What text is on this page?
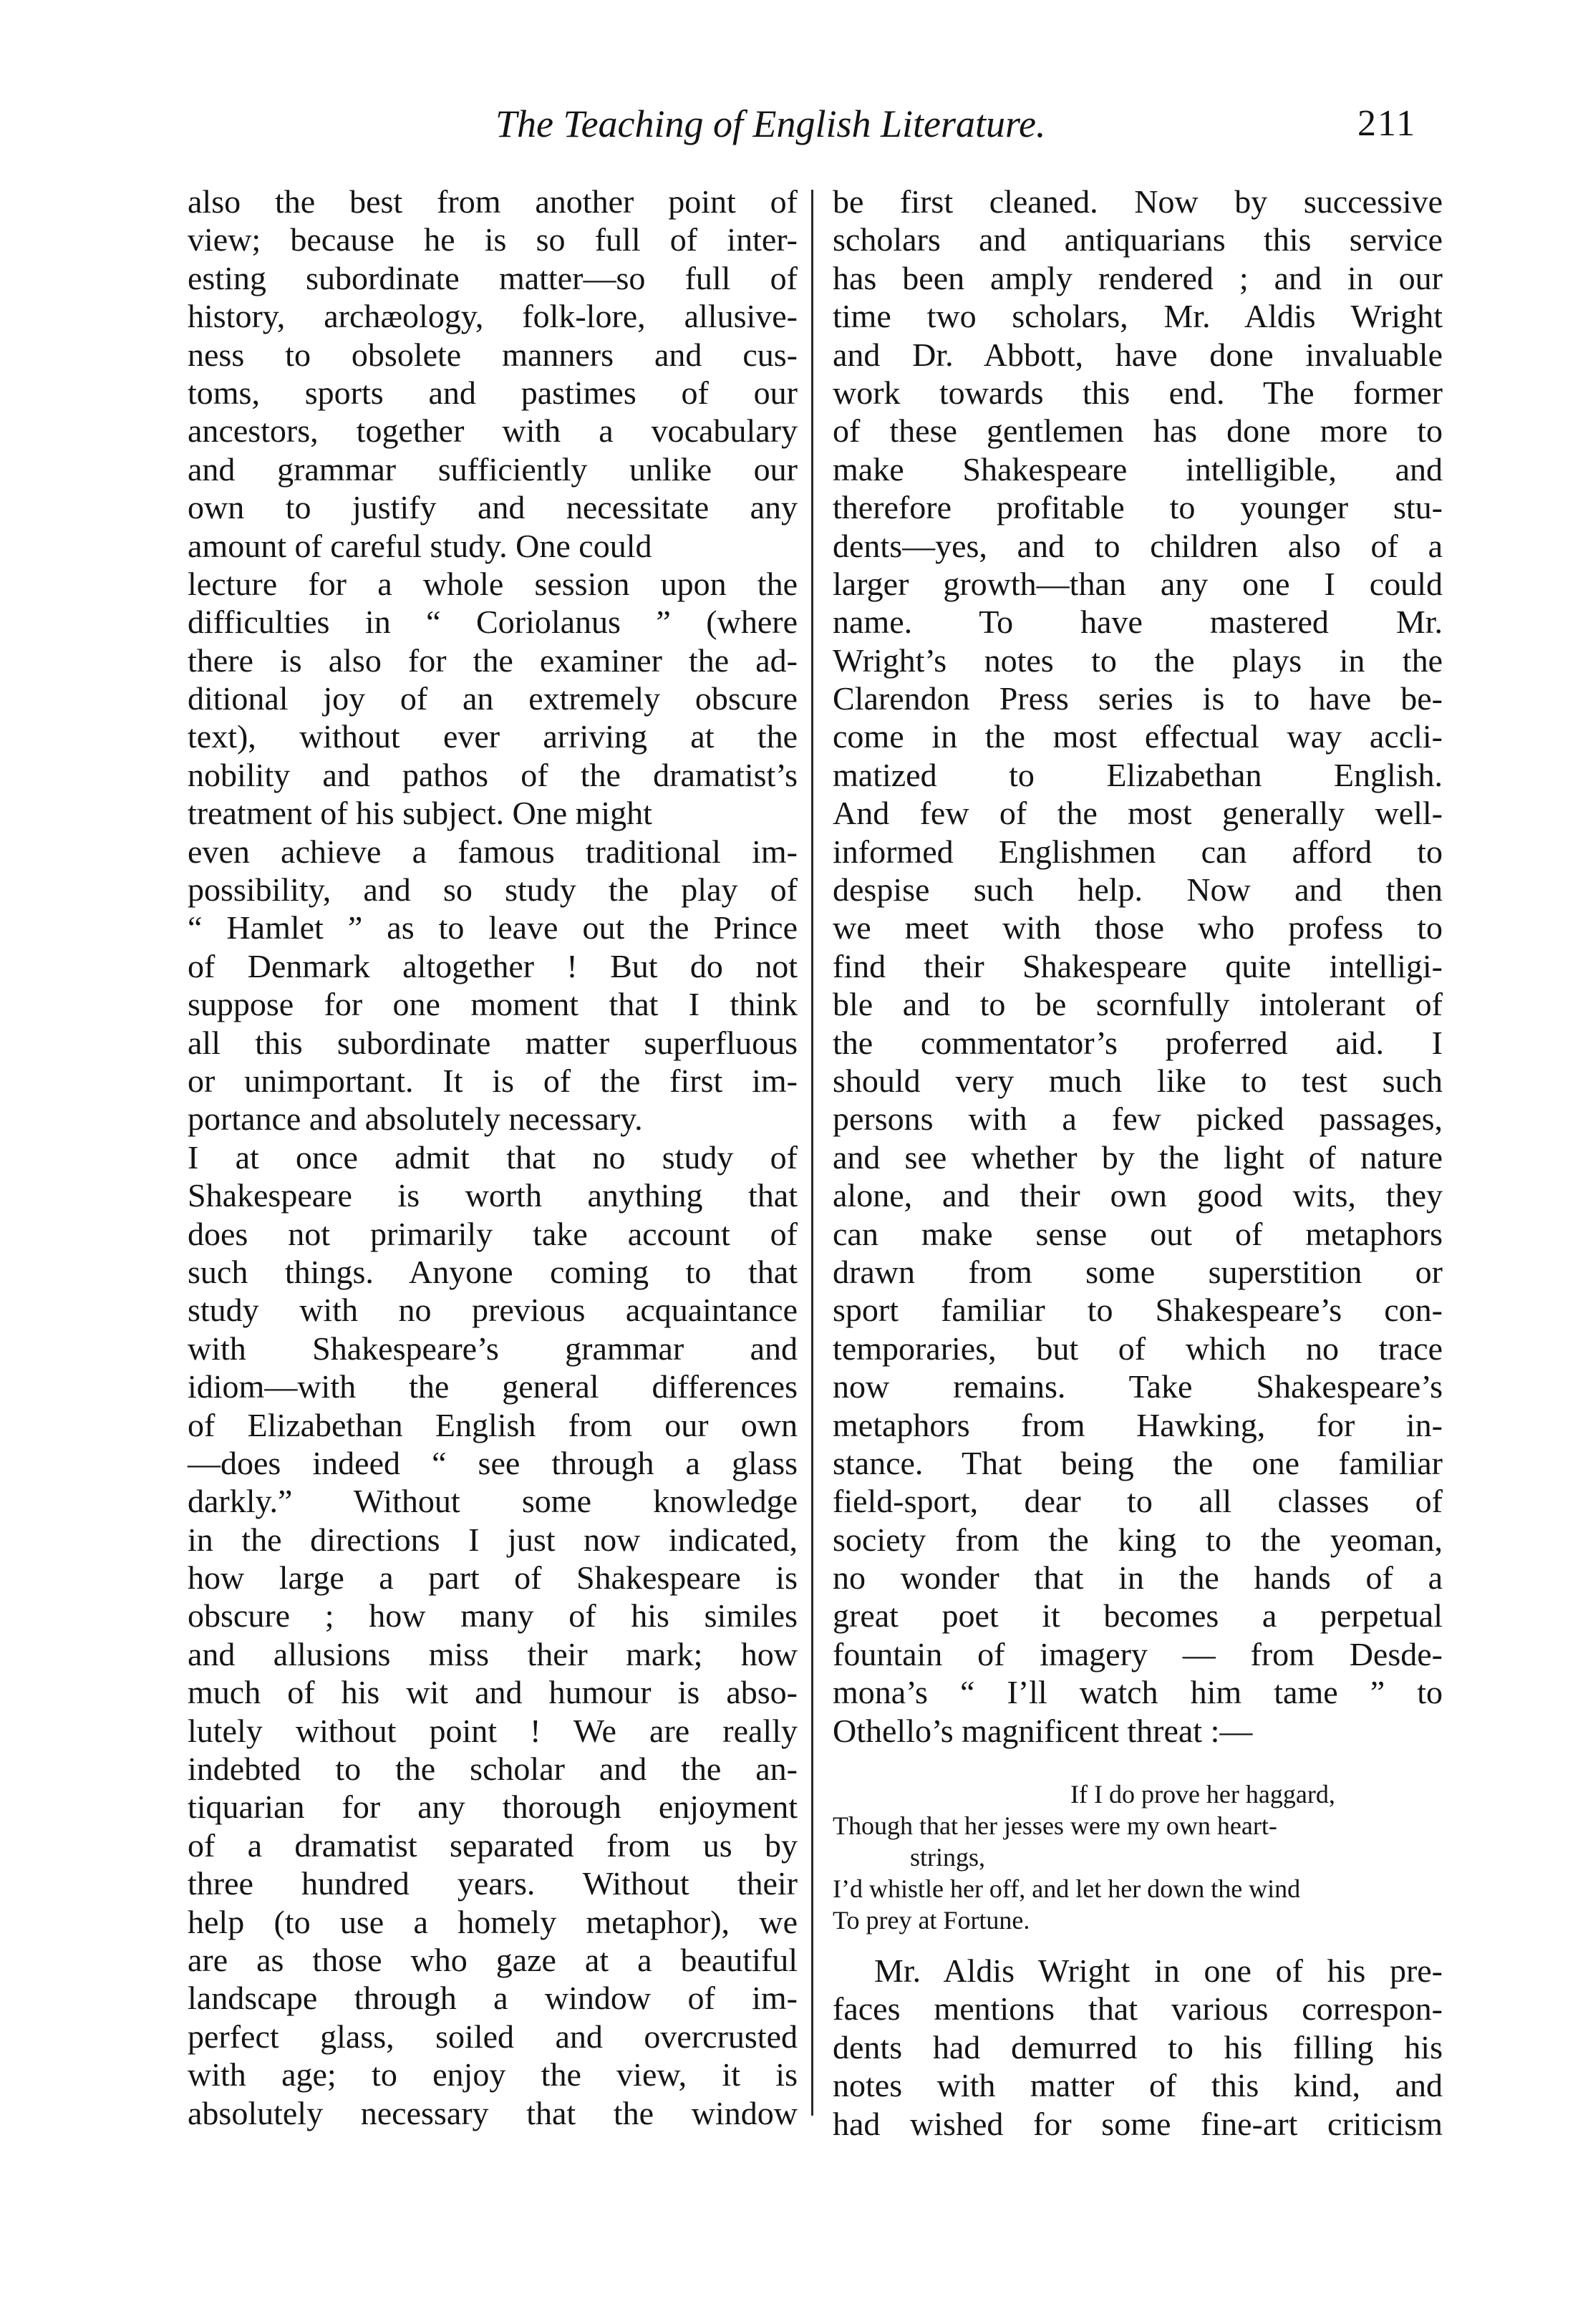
The Teaching of English Literature.	211
also the best from another point of
view; because he is so full of inter-
esting subordinate matter—so full of
history, archæology, folk-lore, allusive-
ness to obsolete manners and cus-
toms, sports and pastimes of our
ancestors, together with a vocabulary
and grammar sufficiently unlike our
own to justify and necessitate any
amount of careful study. One could
lecture for a whole session upon the
difficulties in “ Coriolanus ” (where
there is also for the examiner the ad-
ditional joy of an extremely obscure
text), without ever arriving at the
nobility and pathos of the dramatist’s
treatment of his subject. One might
even achieve a famous traditional im-
possibility, and so study the play of
“ Hamlet ” as to leave out the Prince
of Denmark altogether ! But do not
suppose for one moment that I think
all this subordinate matter superfluous
or unimportant. It is of the first im-
portance and absolutely necessary.
I at once admit that no study of
Shakespeare is worth anything that
does not primarily take account of
such things. Anyone coming to that
study with no previous acquaintance
with Shakespeare’s grammar and
idiom—with the general differences
of Elizabethan English from our own
—does indeed “ see through a glass
darkly.” Without some knowledge
in the directions I just now indicated,
how large a part of Shakespeare is
obscure ; how many of his similes
and allusions miss their mark; how
much of his wit and humour is abso-
lutely without point ! We are really
indebted to the scholar and the an-
tiquarian for any thorough enjoyment
of a dramatist separated from us by
three hundred years. Without their
help (to use a homely metaphor), we
are as those who gaze at a beautiful
landscape through a window of im-
perfect glass, soiled and overcrusted
with age; to enjoy the view, it is
absolutely necessary that the window
be first cleaned. Now by successive
scholars and antiquarians this service
has been amply rendered ; and in our
time two scholars, Mr. Aldis Wright
and Dr. Abbott, have done invaluable
work towards this end. The former
of these gentlemen has done more to
make Shakespeare intelligible, and
therefore profitable to younger stu-
dents—yes, and to children also of a
larger growth—than any one I could
name. To have mastered Mr.
Wright’s notes to the plays in the
Clarendon Press series is to have be-
come in the most effectual way accli-
matized to Elizabethan English.
And few of the most generally well-
informed Englishmen can afford to
despise such help. Now and then
we meet with those who profess to
find their Shakespeare quite intelligi-
ble and to be scornfully intolerant of
the commentator’s proferred aid. I
should very much like to test such
persons with a few picked passages,
and see whether by the light of nature
alone, and their own good wits, they
can make sense out of metaphors
drawn from some superstition or
sport familiar to Shakespeare’s con-
temporaries, but of which no trace
now remains. Take Shakespeare’s
metaphors from Hawking, for in-
stance. That being the one familiar
field-sport, dear to all classes of
society from the king to the yeoman,
no wonder that in the hands of a
great poet it becomes a perpetual
fountain of imagery — from Desde-
mona’s “ I’ll watch him tame ” to
Othello’s magnificent threat :—
If I do prove her haggard,
Though that her jesses were my own heart-
strings,
I’d whistle her off, and let her down the wind
To prey at Fortune.
Mr. Aldis Wright in one of his pre-
faces mentions that various correspon-
dents had demurred to his filling his
notes with matter of this kind, and
had wished for some fine-art criticism
